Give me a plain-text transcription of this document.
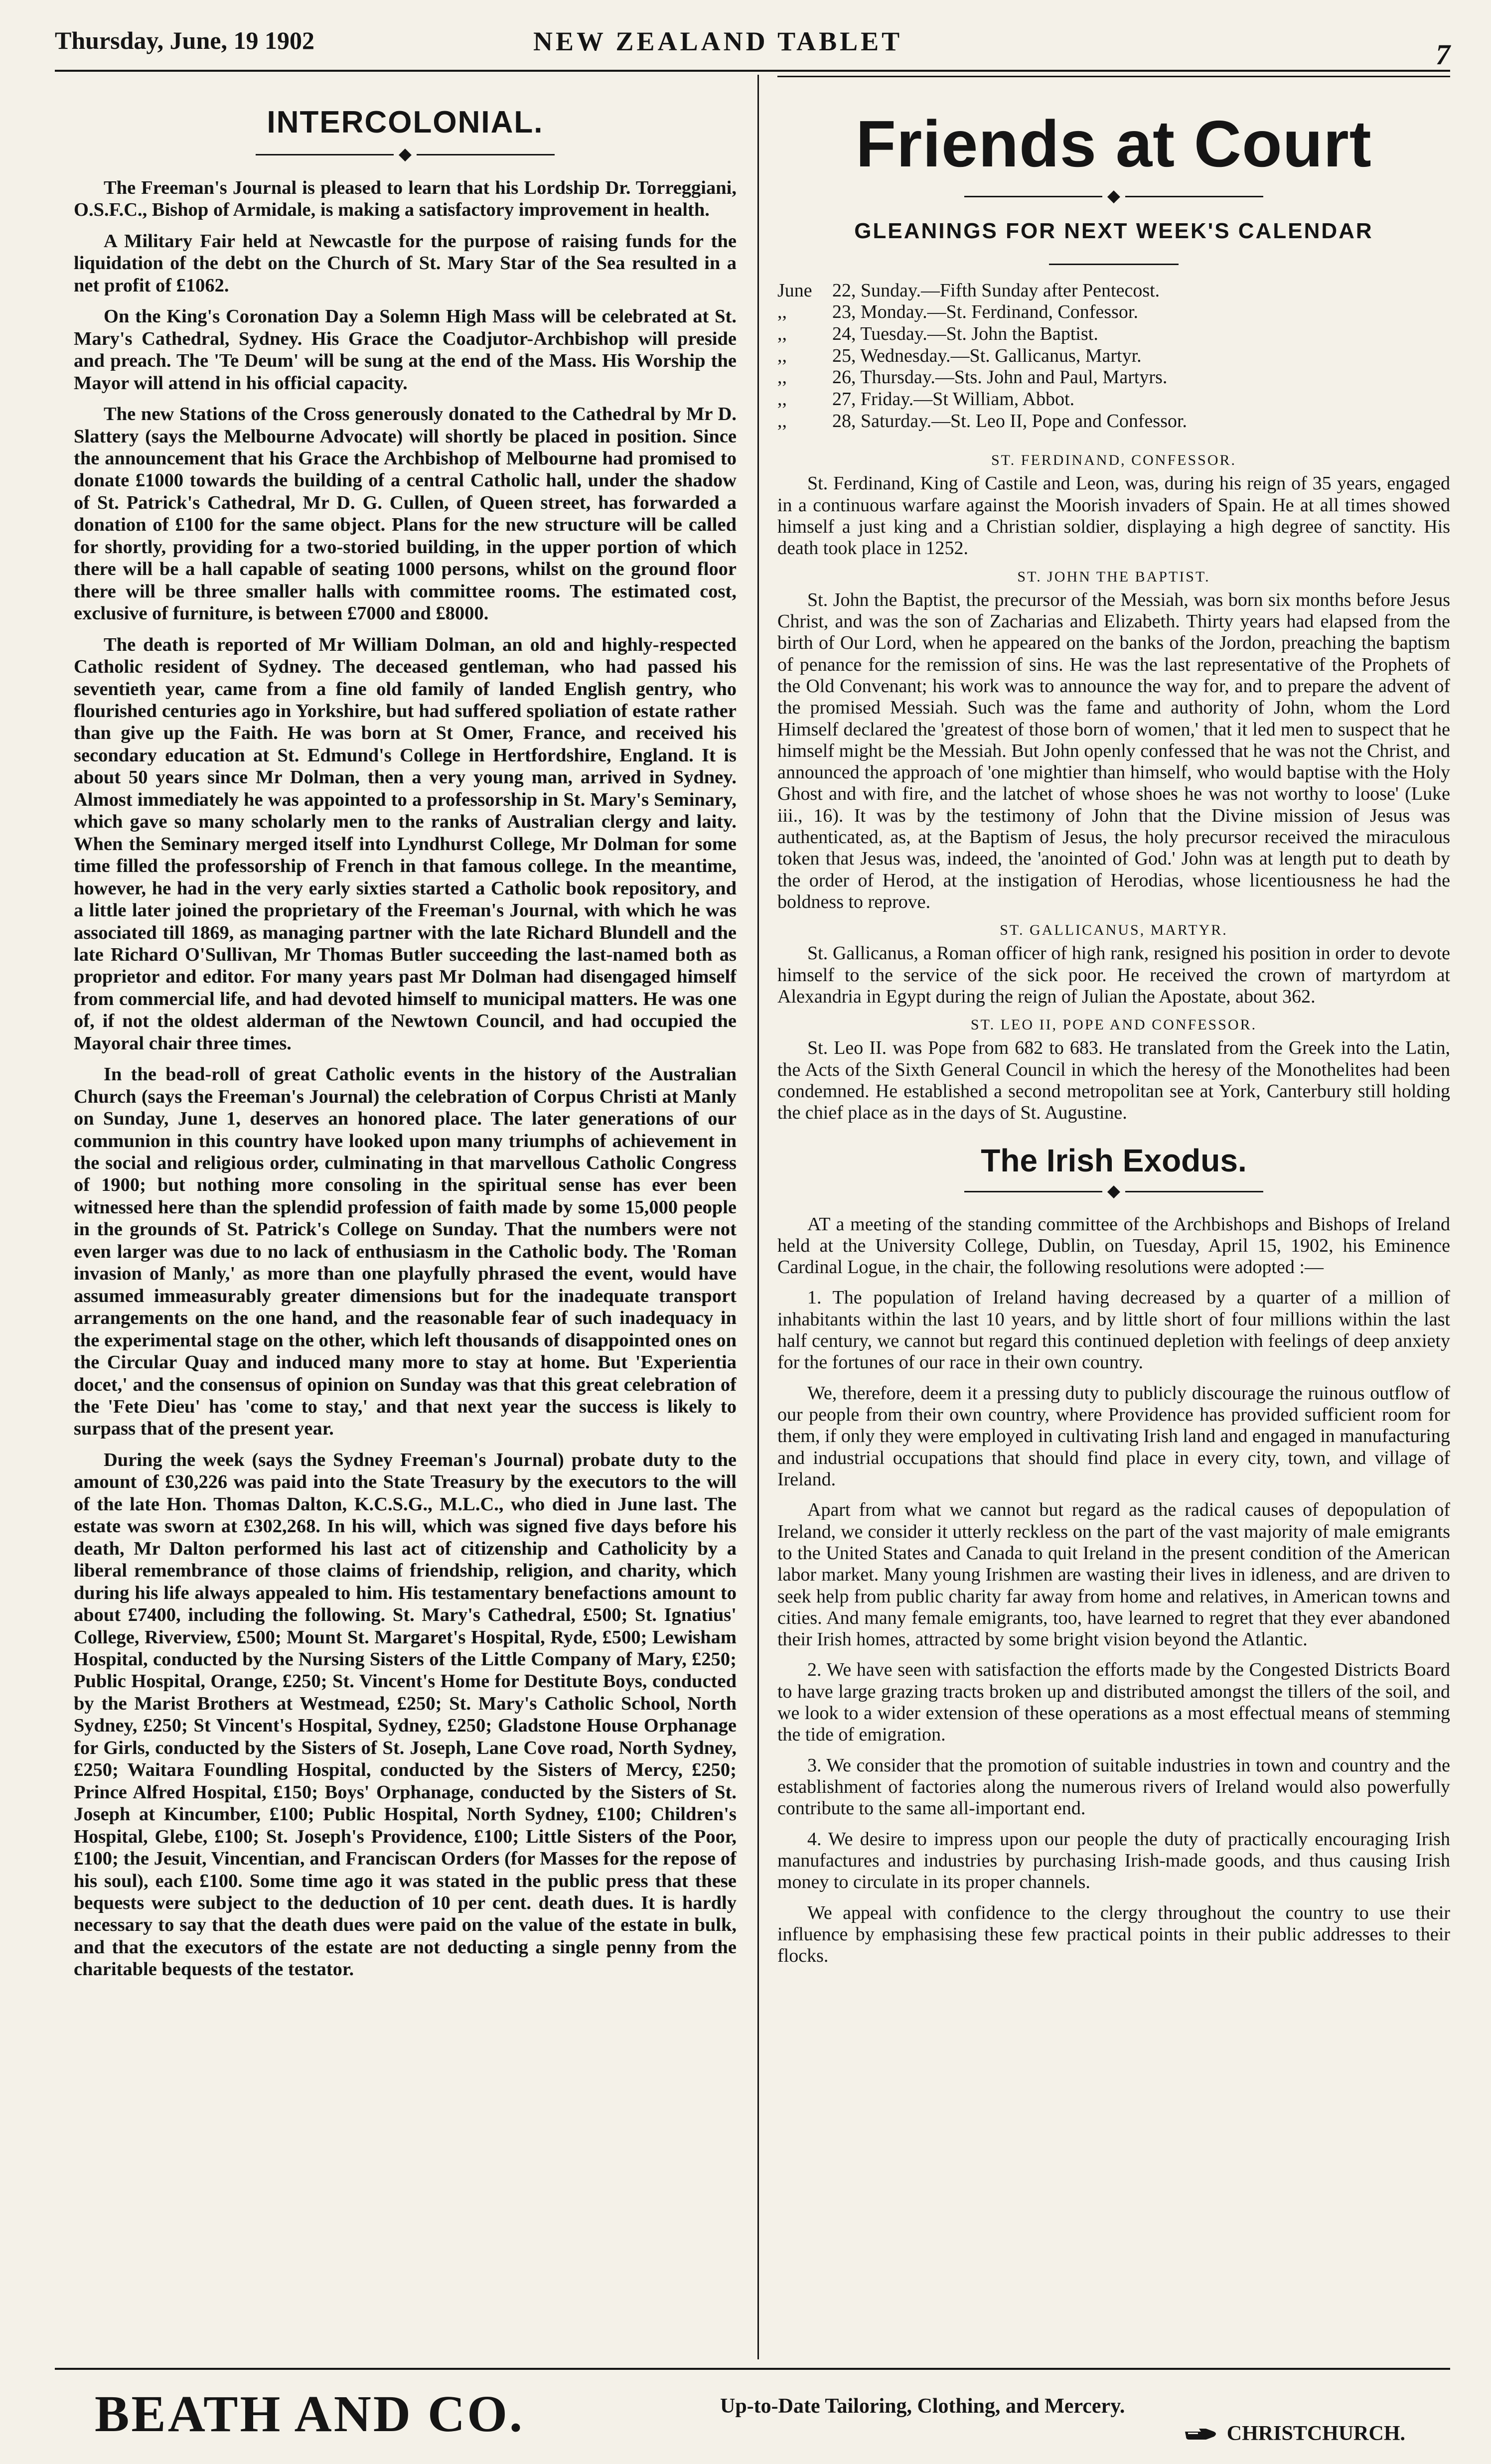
Thursday, June, 19 1902	NEW ZEALAND TABLET	7
INTERCOLONIAL.
◆

The Freeman's Journal is pleased to learn that his Lordship Dr. Torreggiani, O.S.F.C., Bishop of Armidale, is making a satisfactory improvement in health.

A Military Fair held at Newcastle for the purpose of raising funds for the liquidation of the debt on the Church of St. Mary Star of the Sea resulted in a net profit of £1062.

On the King's Coronation Day a Solemn High Mass will be celebrated at St. Mary's Cathedral, Sydney. His Grace the Coadjutor-Archbishop will preside and preach. The 'Te Deum' will be sung at the end of the Mass. His Worship the Mayor will attend in his official capacity.

The new Stations of the Cross generously donated to the Cathedral by Mr D. Slattery (says the Melbourne Advocate) will shortly be placed in position. Since the announcement that his Grace the Archbishop of Melbourne had promised to donate £1000 towards the building of a central Catholic hall, under the shadow of St. Patrick's Cathedral, Mr D. G. Cullen, of Queen street, has forwarded a donation of £100 for the same object. Plans for the new structure will be called for shortly, providing for a two-storied building, in the upper portion of which there will be a hall capable of seating 1000 persons, whilst on the ground floor there will be three smaller halls with committee rooms. The estimated cost, exclusive of furniture, is between £7000 and £8000.

The death is reported of Mr William Dolman, an old and highly-respected Catholic resident of Sydney. The deceased gentleman, who had passed his seventieth year, came from a fine old family of landed English gentry, who flourished centuries ago in Yorkshire, but had suffered spoliation of estate rather than give up the Faith. He was born at St Omer, France, and received his secondary education at St. Edmund's College in Hertfordshire, England. It is about 50 years since Mr Dolman, then a very young man, arrived in Sydney. Almost immediately he was appointed to a professorship in St. Mary's Seminary, which gave so many scholarly men to the ranks of Australian clergy and laity. When the Seminary merged itself into Lyndhurst College, Mr Dolman for some time filled the professorship of French in that famous college. In the meantime, however, he had in the very early sixties started a Catholic book repository, and a little later joined the proprietary of the Freeman's Journal, with which he was associated till 1869, as managing partner with the late Richard Blundell and the late Richard O'Sullivan, Mr Thomas Butler succeeding the last-named both as proprietor and editor. For many years past Mr Dolman had disengaged himself from commercial life, and had devoted himself to municipal matters. He was one of, if not the oldest alderman of the Newtown Council, and had occupied the Mayoral chair three times.

In the bead-roll of great Catholic events in the history of the Australian Church (says the Freeman's Journal) the celebration of Corpus Christi at Manly on Sunday, June 1, deserves an honored place. The later generations of our communion in this country have looked upon many triumphs of achievement in the social and religious order, culminating in that marvellous Catholic Congress of 1900; but nothing more consoling in the spiritual sense has ever been witnessed here than the splendid profession of faith made by some 15,000 people in the grounds of St. Patrick's College on Sunday. That the numbers were not even larger was due to no lack of enthusiasm in the Catholic body. The 'Roman invasion of Manly,' as more than one playfully phrased the event, would have assumed immeasurably greater dimensions but for the inadequate transport arrangements on the one hand, and the reasonable fear of such inadequacy in the experimental stage on the other, which left thousands of disappointed ones on the Circular Quay and induced many more to stay at home. But 'Experientia docet,' and the consensus of opinion on Sunday was that this great celebration of the 'Fete Dieu' has 'come to stay,' and that next year the success is likely to surpass that of the present year.

During the week (says the Sydney Freeman's Journal) probate duty to the amount of £30,226 was paid into the State Treasury by the executors to the will of the late Hon. Thomas Dalton, K.C.S.G., M.L.C., who died in June last. The estate was sworn at £302,268. In his will, which was signed five days before his death, Mr Dalton performed his last act of citizenship and Catholicity by a liberal remembrance of those claims of friendship, religion, and charity, which during his life always appealed to him. His testamentary benefactions amount to about £7400, including the following. St. Mary's Cathedral, £500; St. Ignatius' College, Riverview, £500; Mount St. Margaret's Hospital, Ryde, £500; Lewisham Hospital, conducted by the Nursing Sisters of the Little Company of Mary, £250; Public Hospital, Orange, £250; St. Vincent's Home for Destitute Boys, conducted by the Marist Brothers at Westmead, £250; St. Mary's Catholic School, North Sydney, £250; St Vincent's Hospital, Sydney, £250; Gladstone House Orphanage for Girls, conducted by the Sisters of St. Joseph, Lane Cove road, North Sydney, £250; Waitara Foundling Hospital, conducted by the Sisters of Mercy, £250; Prince Alfred Hospital, £150; Boys' Orphanage, conducted by the Sisters of St. Joseph at Kincumber, £100; Public Hospital, North Sydney, £100; Children's Hospital, Glebe, £100; St. Joseph's Providence, £100; Little Sisters of the Poor, £100; the Jesuit, Vincentian, and Franciscan Orders (for Masses for the repose of his soul), each £100. Some time ago it was stated in the public press that these bequests were subject to the deduction of 10 per cent. death dues. It is hardly necessary to say that the death dues were paid on the value of the estate in bulk, and that the executors of the estate are not deducting a single penny from the charitable bequests of the testator.

Friends at Court
◆
GLEANINGS FOR NEXT WEEK'S CALENDAR
June	22, Sunday.—Fifth Sunday after Pentecost.
,,	23, Monday.—St. Ferdinand, Confessor.
,,	24, Tuesday.—St. John the Baptist.
,,	25, Wednesday.—St. Gallicanus, Martyr.
,,	26, Thursday.—Sts. John and Paul, Martyrs.
,,	27, Friday.—St William, Abbot.
,,	28, Saturday.—St. Leo II, Pope and Confessor.
ST. FERDINAND, CONFESSOR.

St. Ferdinand, King of Castile and Leon, was, during his reign of 35 years, engaged in a continuous warfare against the Moorish invaders of Spain. He at all times showed himself a just king and a Christian soldier, displaying a high degree of sanctity. His death took place in 1252.

ST. JOHN THE BAPTIST.

St. John the Baptist, the precursor of the Messiah, was born six months before Jesus Christ, and was the son of Zacharias and Elizabeth. Thirty years had elapsed from the birth of Our Lord, when he appeared on the banks of the Jordon, preaching the baptism of penance for the remission of sins. He was the last representative of the Prophets of the Old Convenant; his work was to announce the way for, and to prepare the advent of the promised Messiah. Such was the fame and authority of John, whom the Lord Himself declared the 'greatest of those born of women,' that it led men to suspect that he himself might be the Messiah. But John openly confessed that he was not the Christ, and announced the approach of 'one mightier than himself, who would baptise with the Holy Ghost and with fire, and the latchet of whose shoes he was not worthy to loose' (Luke iii., 16). It was by the testimony of John that the Divine mission of Jesus was authenticated, as, at the Baptism of Jesus, the holy precursor received the miraculous token that Jesus was, indeed, the 'anointed of God.' John was at length put to death by the order of Herod, at the instigation of Herodias, whose licentiousness he had the boldness to reprove.

ST. GALLICANUS, MARTYR.

St. Gallicanus, a Roman officer of high rank, resigned his position in order to devote himself to the service of the sick poor. He received the crown of martyrdom at Alexandria in Egypt during the reign of Julian the Apostate, about 362.

ST. LEO II, POPE AND CONFESSOR.

St. Leo II. was Pope from 682 to 683. He translated from the Greek into the Latin, the Acts of the Sixth General Council in which the heresy of the Monothelites had been condemned. He established a second metropolitan see at York, Canterbury still holding the chief place as in the days of St. Augustine.

The Irish Exodus.
◆

AT a meeting of the standing committee of the Archbishops and Bishops of Ireland held at the University College, Dublin, on Tuesday, April 15, 1902, his Eminence Cardinal Logue, in the chair, the following resolutions were adopted :—

1. The population of Ireland having decreased by a quarter of a million of inhabitants within the last 10 years, and by little short of four millions within the last half century, we cannot but regard this continued depletion with feelings of deep anxiety for the fortunes of our race in their own country.

We, therefore, deem it a pressing duty to publicly discourage the ruinous outflow of our people from their own country, where Providence has provided sufficient room for them, if only they were employed in cultivating Irish land and engaged in manufacturing and industrial occupations that should find place in every city, town, and village of Ireland.

Apart from what we cannot but regard as the radical causes of depopulation of Ireland, we consider it utterly reckless on the part of the vast majority of male emigrants to the United States and Canada to quit Ireland in the present condition of the American labor market. Many young Irishmen are wasting their lives in idleness, and are driven to seek help from public charity far away from home and relatives, in American towns and cities. And many female emigrants, too, have learned to regret that they ever abandoned their Irish homes, attracted by some bright vision beyond the Atlantic.

2. We have seen with satisfaction the efforts made by the Congested Districts Board to have large grazing tracts broken up and distributed amongst the tillers of the soil, and we look to a wider extension of these operations as a most effectual means of stemming the tide of emigration.

3. We consider that the promotion of suitable industries in town and country and the establishment of factories along the numerous rivers of Ireland would also powerfully contribute to the same all-important end.

4. We desire to impress upon our people the duty of practically encouraging Irish manufactures and industries by purchasing Irish-made goods, and thus causing Irish money to circulate in its proper channels.

We appeal with confidence to the clergy throughout the country to use their influence by emphasising these few practical points in their public addresses to their flocks.

BEATH AND CO.	Up-to-Date Tailoring, Clothing, and Mercery.
CHRISTCHURCH.
